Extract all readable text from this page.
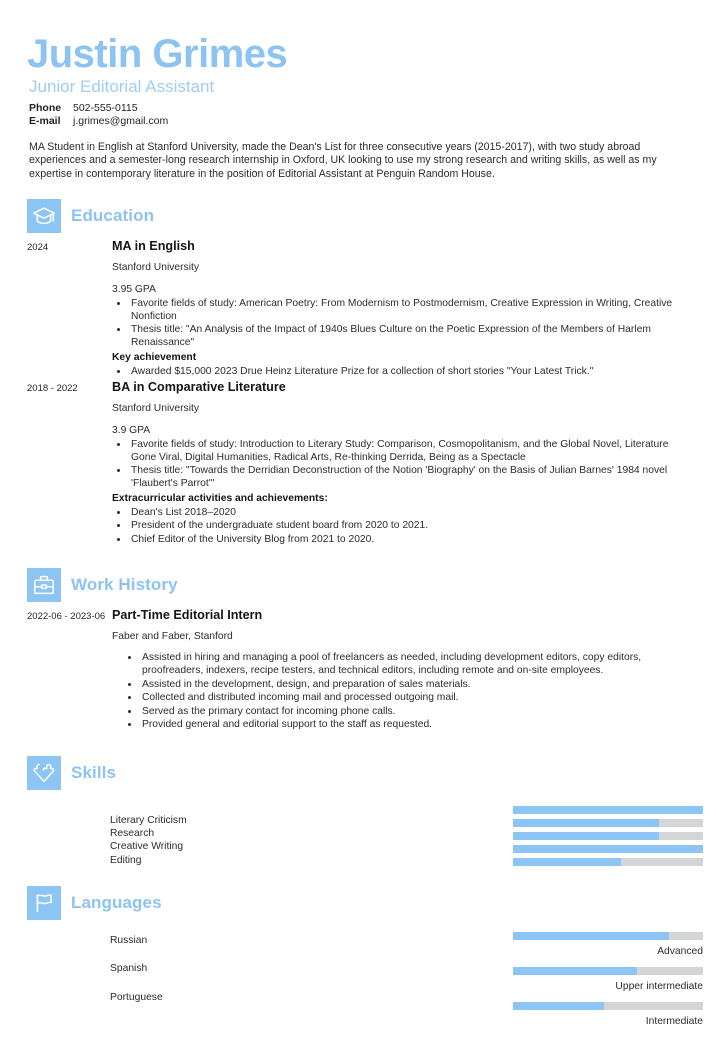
Justin Grimes
Junior Editorial Assistant
Phone 502-555-0115
E-mail j.grimes@gmail.com
MA Student in English at Stanford University, made the Dean's List for three consecutive years (2015-2017), with two study abroad experiences and a semester-long research internship in Oxford, UK looking to use my strong research and writing skills, as well as my expertise in contemporary literature in the position of Editorial Assistant at Penguin Random House.
Education
2024	MA in English
Stanford University
3.95 GPA
• Favorite fields of study: American Poetry: From Modernism to Postmodernism, Creative Expression in Writing, Creative Nonfiction
• Thesis title: "An Analysis of the Impact of 1940s Blues Culture on the Poetic Expression of the Members of Harlem Renaissance"
Key achievement
• Awarded $15,000 2023 Drue Heinz Literature Prize for a collection of short stories "Your Latest Trick."
2018 - 2022	BA in Comparative Literature
Stanford University
3.9 GPA
• Favorite fields of study: Introduction to Literary Study: Comparison, Cosmopolitanism, and the Global Novel, Literature Gone Viral, Digital Humanities, Radical Arts, Re-thinking Derrida, Being as a Spectacle
• Thesis title: "Towards the Derridian Deconstruction of the Notion 'Biography' on the Basis of Julian Barnes' 1984 novel 'Flaubert's Parrot'"
Extracurricular activities and achievements:
• Dean's List 2018–2020
• President of the undergraduate student board from 2020 to 2021.
• Chief Editor of the University Blog from 2021 to 2020.
Work History
2022-06 - 2023-06 Part-Time Editorial Intern
Faber and Faber, Stanford
• Assisted in hiring and managing a pool of freelancers as needed, including development editors, copy editors, proofreaders, indexers, recipe testers, and technical editors, including remote and on-site employees.
• Assisted in the development, design, and preparation of sales materials.
• Collected and distributed incoming mail and processed outgoing mail.
• Served as the primary contact for incoming phone calls.
• Provided general and editorial support to the staff as requested.
Skills
Literary Criticism
Research
Creative Writing
Editing
Languages
Russian
Spanish
Portuguese
Advanced
Upper intermediate
Intermediate
